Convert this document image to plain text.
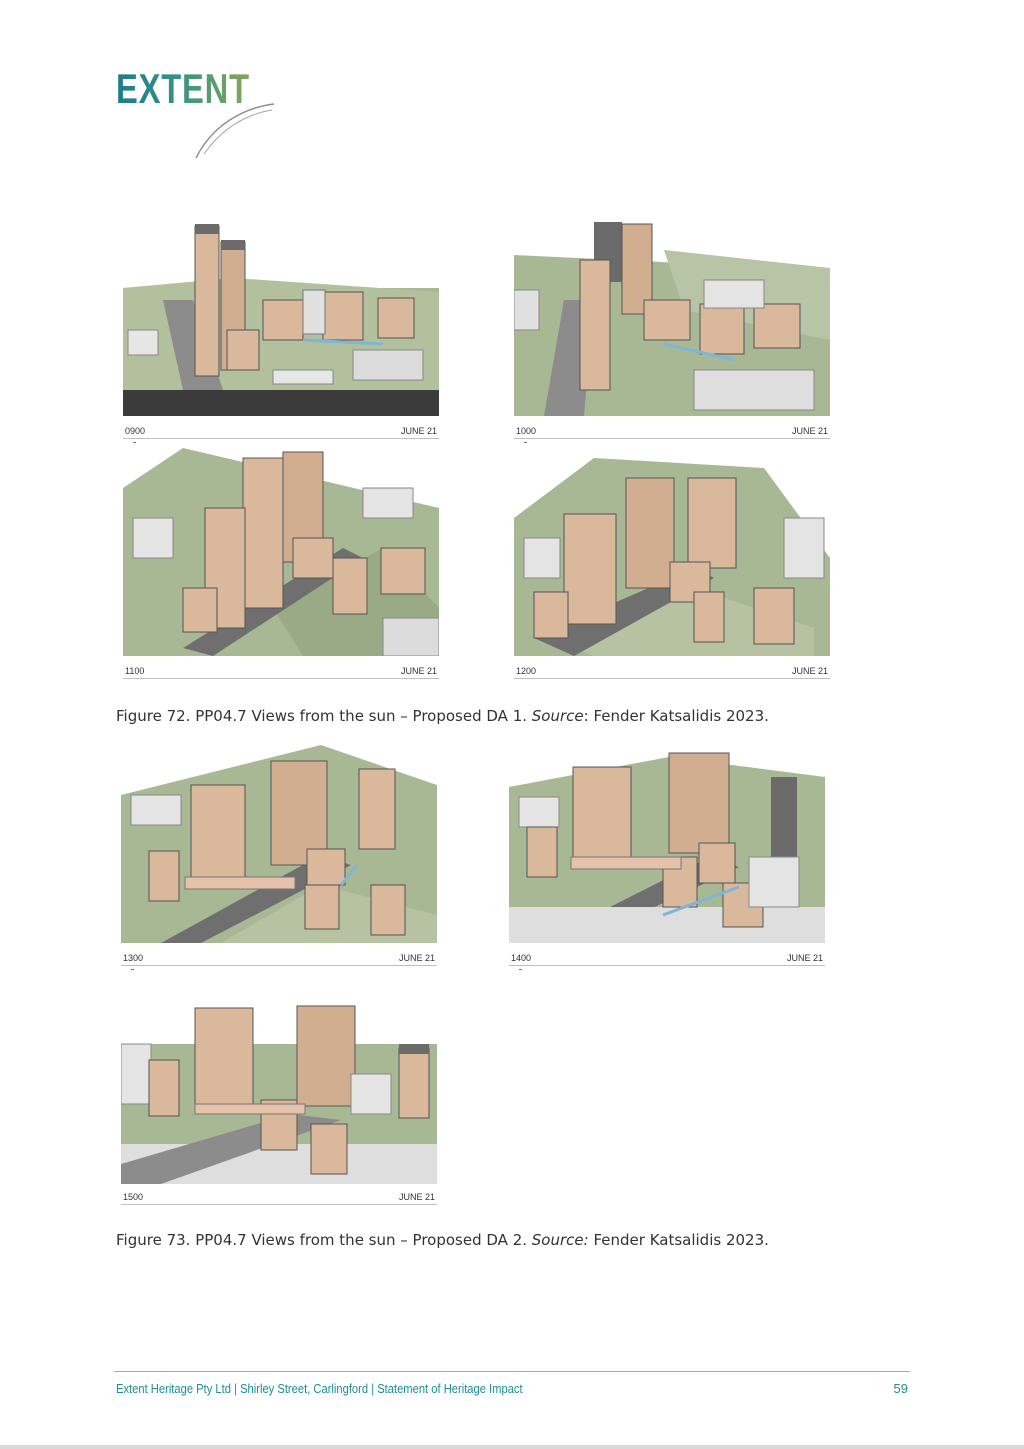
EXTENT
0900	JUNE 21	1000	JUNE 21
1100	JUNE 21	1200	JUNE 21
Figure 72. PP04.7 Views from the sun – Proposed DA 1. Source: Fender Katsalidis 2023.
1300	JUNE 21	1400	JUNE 21
1500	JUNE 21
Figure 73. PP04.7 Views from the sun – Proposed DA 2. Source: Fender Katsalidis 2023.
Extent Heritage Pty Ltd | Shirley Street, Carlingford | Statement of Heritage Impact	59
